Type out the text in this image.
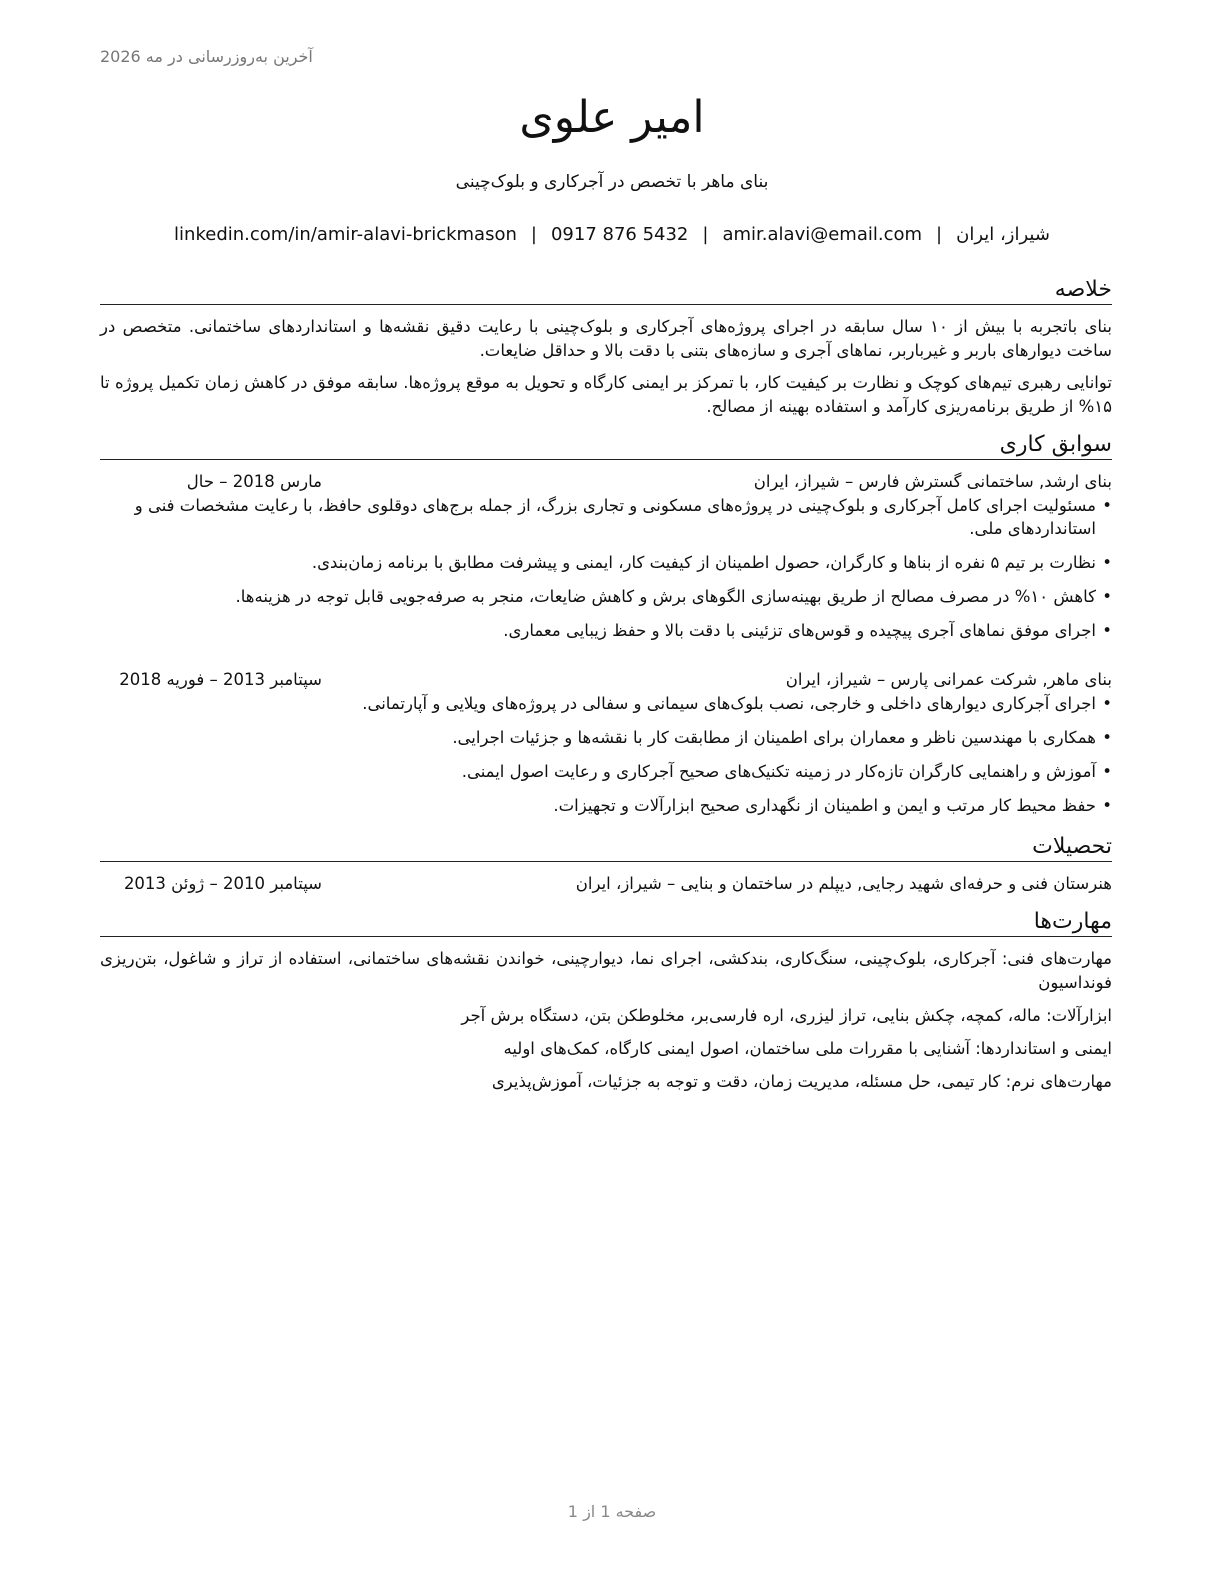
آخرین به‌روزرسانی در مه 2026
امیر علوی
بنای ماهر با تخصص در آجرکاری و بلوک‌چینی
شیراز، ایران|amir.alavi@email.com|0917 876 5432|linkedin.com/in/amir-alavi-brickmason
خلاصه

بنای باتجربه با بیش از ۱۰ سال سابقه در اجرای پروژه‌های آجرکاری و بلوک‌چینی با رعایت دقیق نقشه‌ها و استانداردهای ساختمانی. متخصص در ساخت دیوارهای باربر و غیرباربر، نماهای آجری و سازه‌های بتنی با دقت بالا و حداقل ضایعات.

توانایی رهبری تیم‌های کوچک و نظارت بر کیفیت کار، با تمرکز بر ایمنی کارگاه و تحویل به موقع پروژه‌ها. سابقه موفق در کاهش زمان تکمیل پروژه تا ۱۵% از طریق برنامه‌ریزی کارآمد و استفاده بهینه از مصالح.

سوابق کاری
بنای ارشد, ساختمانی گسترش فارس – شیراز، ایران
مارس 2018 – حال
• مسئولیت اجرای کامل آجرکاری و بلوک‌چینی در پروژه‌های مسکونی و تجاری بزرگ، از جمله برج‌های دوقلوی حافظ، با رعایت مشخصات فنی و استانداردهای ملی.
• نظارت بر تیم ۵ نفره از بناها و کارگران، حصول اطمینان از کیفیت کار، ایمنی و پیشرفت مطابق با برنامه زمان‌بندی.
• کاهش ۱۰% در مصرف مصالح از طریق بهینه‌سازی الگوهای برش و کاهش ضایعات، منجر به صرفه‌جویی قابل توجه در هزینه‌ها.
• اجرای موفق نماهای آجری پیچیده و قوس‌های تزئینی با دقت بالا و حفظ زیبایی معماری.
بنای ماهر, شرکت عمرانی پارس – شیراز، ایران
سپتامبر 2013 – فوریه 2018
• اجرای آجرکاری دیوارهای داخلی و خارجی، نصب بلوک‌های سیمانی و سفالی در پروژه‌های ویلایی و آپارتمانی.
• همکاری با مهندسین ناظر و معماران برای اطمینان از مطابقت کار با نقشه‌ها و جزئیات اجرایی.
• آموزش و راهنمایی کارگران تازه‌کار در زمینه تکنیک‌های صحیح آجرکاری و رعایت اصول ایمنی.
• حفظ محیط کار مرتب و ایمن و اطمینان از نگهداری صحیح ابزارآلات و تجهیزات.
تحصیلات
هنرستان فنی و حرفه‌ای شهید رجایی, دیپلم در ساختمان و بنایی – شیراز، ایران
سپتامبر 2010 – ژوئن 2013
مهارت‌ها

مهارت‌های فنی: آجرکاری، بلوک‌چینی، سنگ‌کاری، بندکشی، اجرای نما، دیوارچینی، خواندن نقشه‌های ساختمانی، استفاده از تراز و شاغول، بتن‌ریزی فونداسیون

ابزارآلات: ماله، کمچه، چکش بنایی، تراز لیزری، اره فارسی‌بر، مخلوطکن بتن، دستگاه برش آجر

ایمنی و استانداردها: آشنایی با مقررات ملی ساختمان، اصول ایمنی کارگاه، کمک‌های اولیه

مهارت‌های نرم: کار تیمی، حل مسئله، مدیریت زمان، دقت و توجه به جزئیات، آموزش‌پذیری

صفحه 1 از 1
